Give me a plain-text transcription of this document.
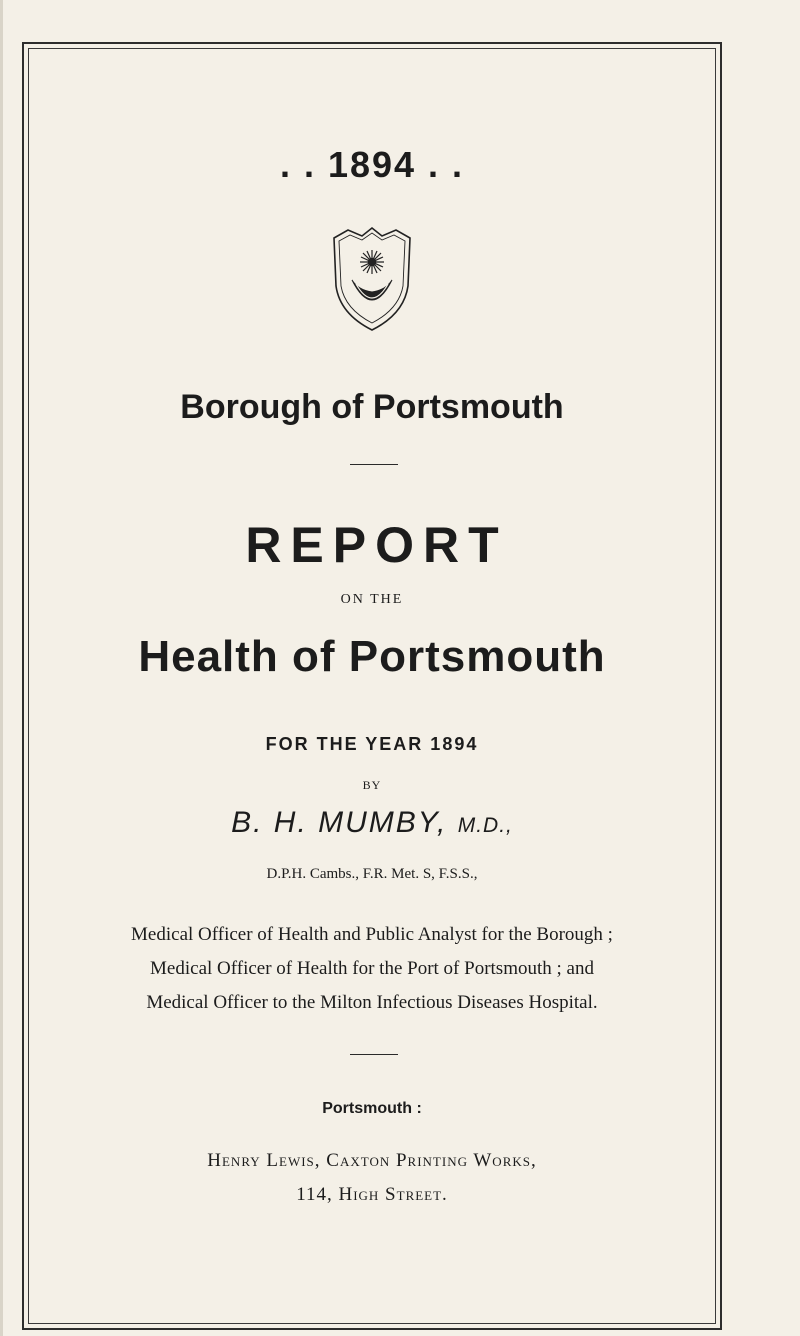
. . 1894 . .
Borough of Portsmouth
REPORT
ON THE
Health of Portsmouth
FOR THE YEAR 1894
BY
B. H. MUMBY, M.D.,
D.P.H. Cambs., F.R. Met. S, F.S.S.,
Medical Officer of Health and Public Analyst for the Borough ;
Medical Officer of Health for the Port of Portsmouth ; and
Medical Officer to the Milton Infectious Diseases Hospital.
Portsmouth :
Henry Lewis, Caxton Printing Works,
114, High Street.
